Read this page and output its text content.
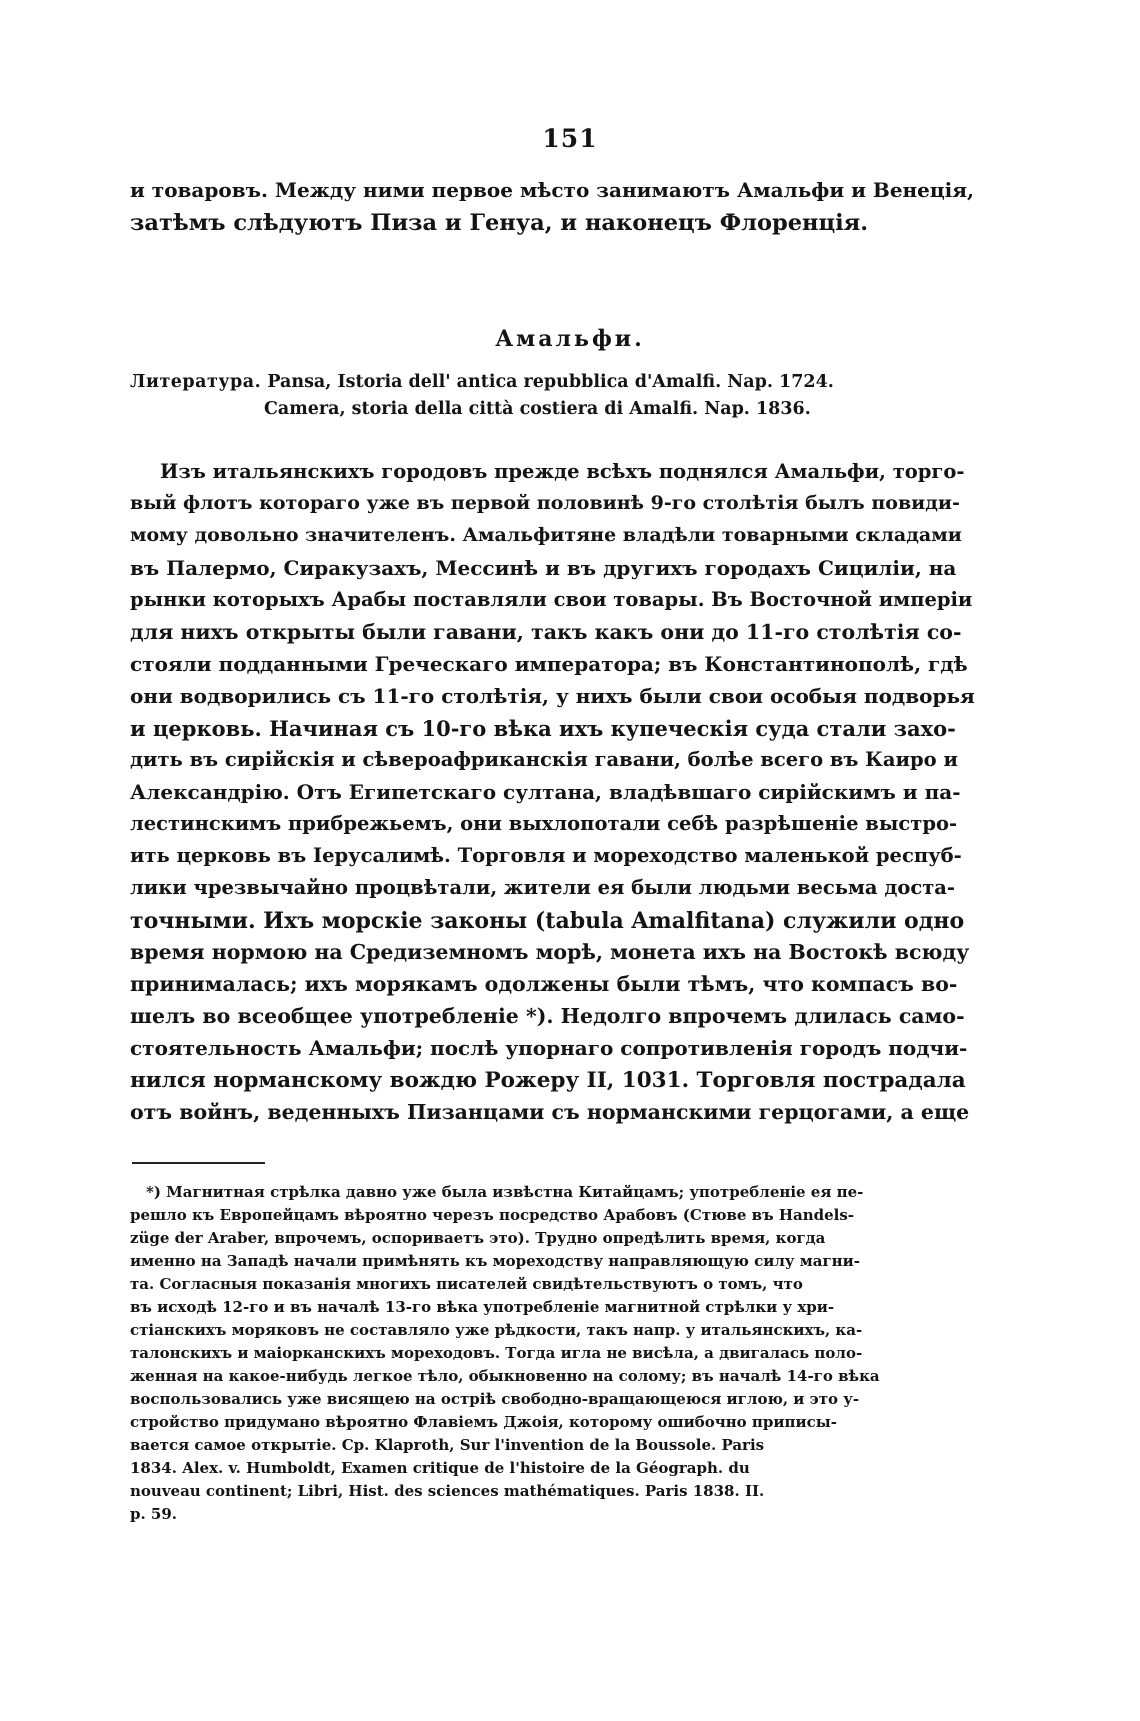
151
и товаровъ. Между ними первое мѣсто занимаютъ Амальфи и Венеція,
затѣмъ слѣдуютъ Пиза и Генуа, и наконецъ Флоренція.
Амальфи.
Литература. Pansa, Istoria dell' antica repubblica d'Amalfi. Nap. 1724.
Camera, storia della città costiera di Amalfi. Nap. 1836.
Изъ итальянскихъ городовъ прежде всѣхъ поднялся Амальфи, торго-
вый флотъ котораго уже въ первой половинѣ 9-го столѣтія былъ повиди-
мому довольно значителенъ. Амальфитяне владѣли товарными складами
въ Палермо, Сиракузахъ, Мессинѣ и въ другихъ городахъ Сициліи, на
рынки которыхъ Арабы поставляли свои товары. Въ Восточной имперіи
для нихъ открыты были гавани, такъ какъ они до 11-го столѣтія со-
стояли подданными Греческаго императора; въ Константинополѣ, гдѣ
они водворились съ 11-го столѣтія, у нихъ были свои особыя подворья
и церковь. Начиная съ 10-го вѣка ихъ купеческія суда стали захо-
дить въ сирійскія и сѣвероафриканскія гавани, болѣе всего въ Каиро и
Александрію. Отъ Египетскаго султана, владѣвшаго сирійскимъ и па-
лестинскимъ прибрежьемъ, они выхлопотали себѣ разрѣшеніе выстро-
ить церковь въ Іерусалимѣ. Торговля и мореходство маленькой респуб-
лики чрезвычайно процвѣтали, жители ея были людьми весьма доста-
точными. Ихъ морскіе законы (tabula Amalfitana) служили одно
время нормою на Средиземномъ морѣ, монета ихъ на Востокѣ всюду
принималась; ихъ морякамъ одолжены были тѣмъ, что компасъ во-
шелъ во всеобщее употребленіе *). Недолго впрочемъ длилась само-
стоятельность Амальфи; послѣ упорнаго сопротивленія городъ подчи-
нился норманскому вождю Рожеру II, 1031. Торговля пострадала
отъ войнъ, веденныхъ Пизанцами съ норманскими герцогами, а еще
*) Магнитная стрѣлка давно уже была извѣстна Китайцамъ; употребленіе ея пе-
решло къ Европейцамъ вѣроятно черезъ посредство Арабовъ (Стюве въ Handels-
züge der Araber, впрочемъ, оспориваетъ это). Трудно опредѣлить время, когда
именно на Западѣ начали примѣнять къ мореходству направляющую силу магни-
та. Согласныя показанія многихъ писателей свидѣтельствуютъ о томъ, что
въ исходѣ 12-го и въ началѣ 13-го вѣка употребленіе магнитной стрѣлки у хри-
стіанскихъ моряковъ не составляло уже рѣдкости, такъ напр. у итальянскихъ, ка-
талонскихъ и маіорканскихъ мореходовъ. Тогда игла не висѣла, а двигалась поло-
женная на какое-нибудь легкое тѣло, обыкновенно на солому; въ началѣ 14-го вѣка
воспользовались уже висящею на остріѣ свободно-вращающеюся иглою, и это у-
стройство придумано вѣроятно Флавіемъ Джоія, которому ошибочно приписы-
вается самое открытіе. Cp. Klaproth, Sur l'invention de la Boussole. Paris
1834. Alex. v. Humboldt, Examen critique de l'histoire de la Géograph. du
nouveau continent; Libri, Hist. des sciences mathématiques. Paris 1838. II.
p. 59.
